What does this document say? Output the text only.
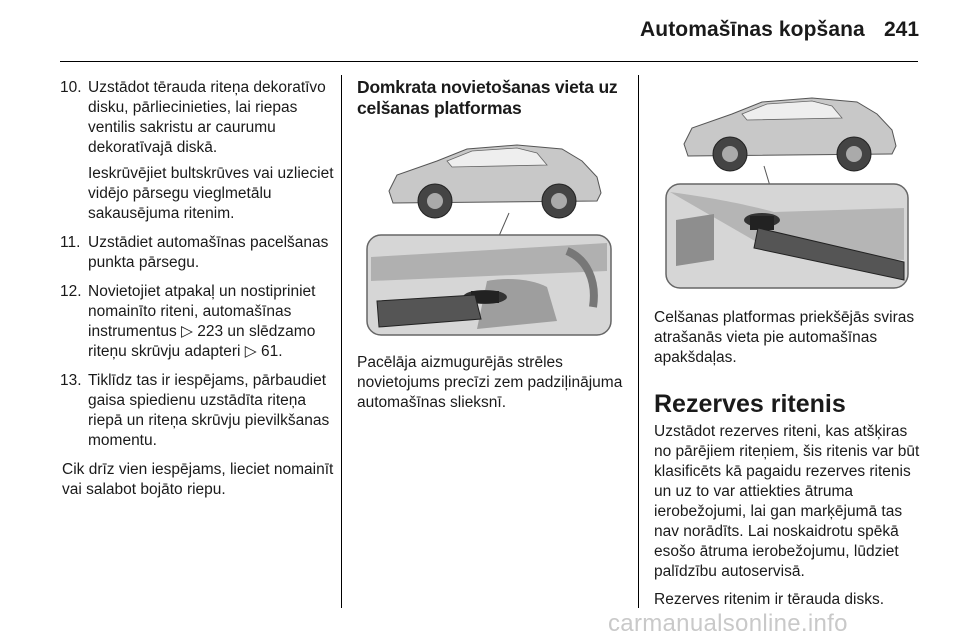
Automašīnas kopšana 241
10. Uzstādot tērauda riteņa dekoratīvo disku, pārliecinieties, lai riepas ventilis sakristu ar caurumu dekoratīvajā diskā.
Ieskrūvējiet bultskrūves vai uzlieciet vidējo pārsegu vieglmetālu sakausējuma ritenim.
11. Uzstādiet automašīnas pacelšanas punkta pārsegu.
12. Novietojiet atpakaļ un nostipriniet nomainīto riteni, automašīnas instrumentus ▷ 223 un slēdzamo riteņu skrūvju adapteri ▷ 61.
13. Tiklīdz tas ir iespējams, pārbaudiet gaisa spiedienu uzstādīta riteņa riepā un riteņa skrūvju pievilkšanas momentu.
Cik drīz vien iespējams, lieciet nomainīt vai salabot bojāto riepu.
Domkrata novietošanas vieta uz celšanas platformas
Pacēlāja aizmugurējās strēles novietojums precīzi zem padziļinājuma automašīnas slieksnī.
Celšanas platformas priekšējās sviras atrašanās vieta pie automašīnas apakšdaļas.
Rezerves ritenis

Uzstādot rezerves riteni, kas atšķiras no pārējiem riteņiem, šis ritenis var būt klasificēts kā pagaidu rezerves ritenis un uz to var attiekties ātruma ierobežojumi, lai gan marķējumā tas nav norādīts. Lai noskaidrotu spēkā esošo ātruma ierobežojumu, lūdziet palīdzību autoservisā.

Rezerves ritenim ir tērauda disks.

carmanualsonline.info
